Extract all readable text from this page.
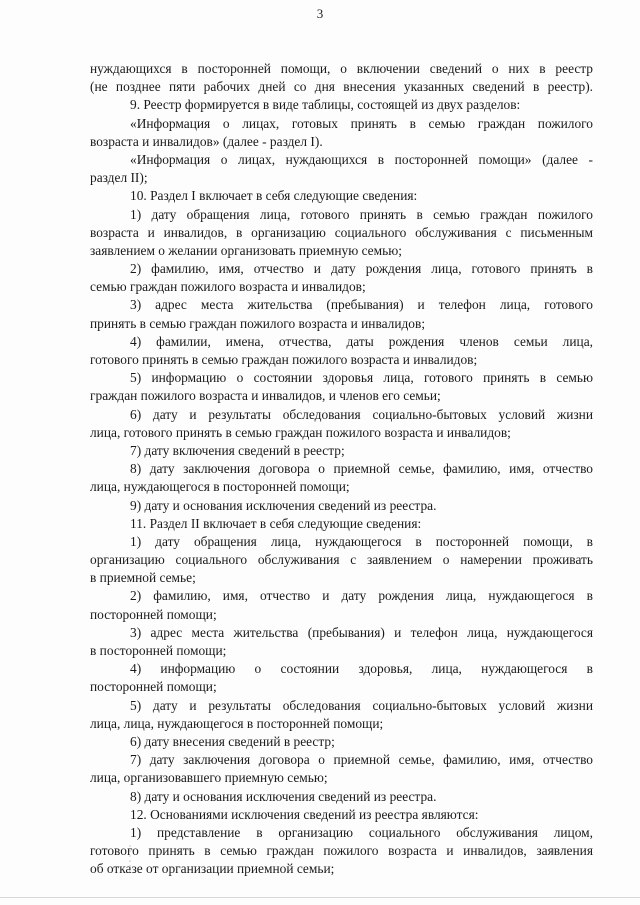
3
нуждающихся в посторонней помощи, о включении сведений о них в реестр
(не позднее пяти рабочих дней со дня внесения указанных сведений в реестр).
9. Реестр формируется в виде таблицы, состоящей из двух разделов:
«Информация о лицах, готовых принять в семью граждан пожилого
возраста и инвалидов» (далее - раздел I).
«Информация о лицах, нуждающихся в посторонней помощи» (далее -
раздел II);
10. Раздел I включает в себя следующие сведения:
1) дату обращения лица, готового принять в семью граждан пожилого
возраста и инвалидов, в организацию социального обслуживания с письменным
заявлением о желании организовать приемную семью;
2) фамилию, имя, отчество и дату рождения лица, готового принять в
семью граждан пожилого возраста и инвалидов;
3) адрес места жительства (пребывания) и телефон лица, готового
принять в семью граждан пожилого возраста и инвалидов;
4) фамилии, имена, отчества, даты рождения членов семьи лица,
готового принять в семью граждан пожилого возраста и инвалидов;
5) информацию о состоянии здоровья лица, готового принять в семью
граждан пожилого возраста и инвалидов, и членов его семьи;
6) дату и результаты обследования социально-бытовых условий жизни
лица, готового принять в семью граждан пожилого возраста и инвалидов;
7) дату включения сведений в реестр;
8) дату заключения договора о приемной семье, фамилию, имя, отчество
лица, нуждающегося в посторонней помощи;
9) дату и основания исключения сведений из реестра.
11. Раздел II включает в себя следующие сведения:
1) дату обращения лица, нуждающегося в посторонней помощи, в
организацию социального обслуживания с заявлением о намерении проживать
в приемной семье;
2) фамилию, имя, отчество и дату рождения лица, нуждающегося в
посторонней помощи;
3) адрес места жительства (пребывания) и телефон лица, нуждающегося
в посторонней помощи;
4) информацию о состоянии здоровья, лица, нуждающегося в
посторонней помощи;
5) дату и результаты обследования социально-бытовых условий жизни
лица, лица, нуждающегося в посторонней помощи;
6) дату внесения сведений в реестр;
7) дату заключения договора о приемной семье, фамилию, имя, отчество
лица, организовавшего приемную семью;
8) дату и основания исключения сведений из реестра.
12. Основаниями исключения сведений из реестра являются:
1) представление в организацию социального обслуживания лицом,
готового принять в семью граждан пожилого возраста и инвалидов, заявления
об отказе от организации приемной семьи;
